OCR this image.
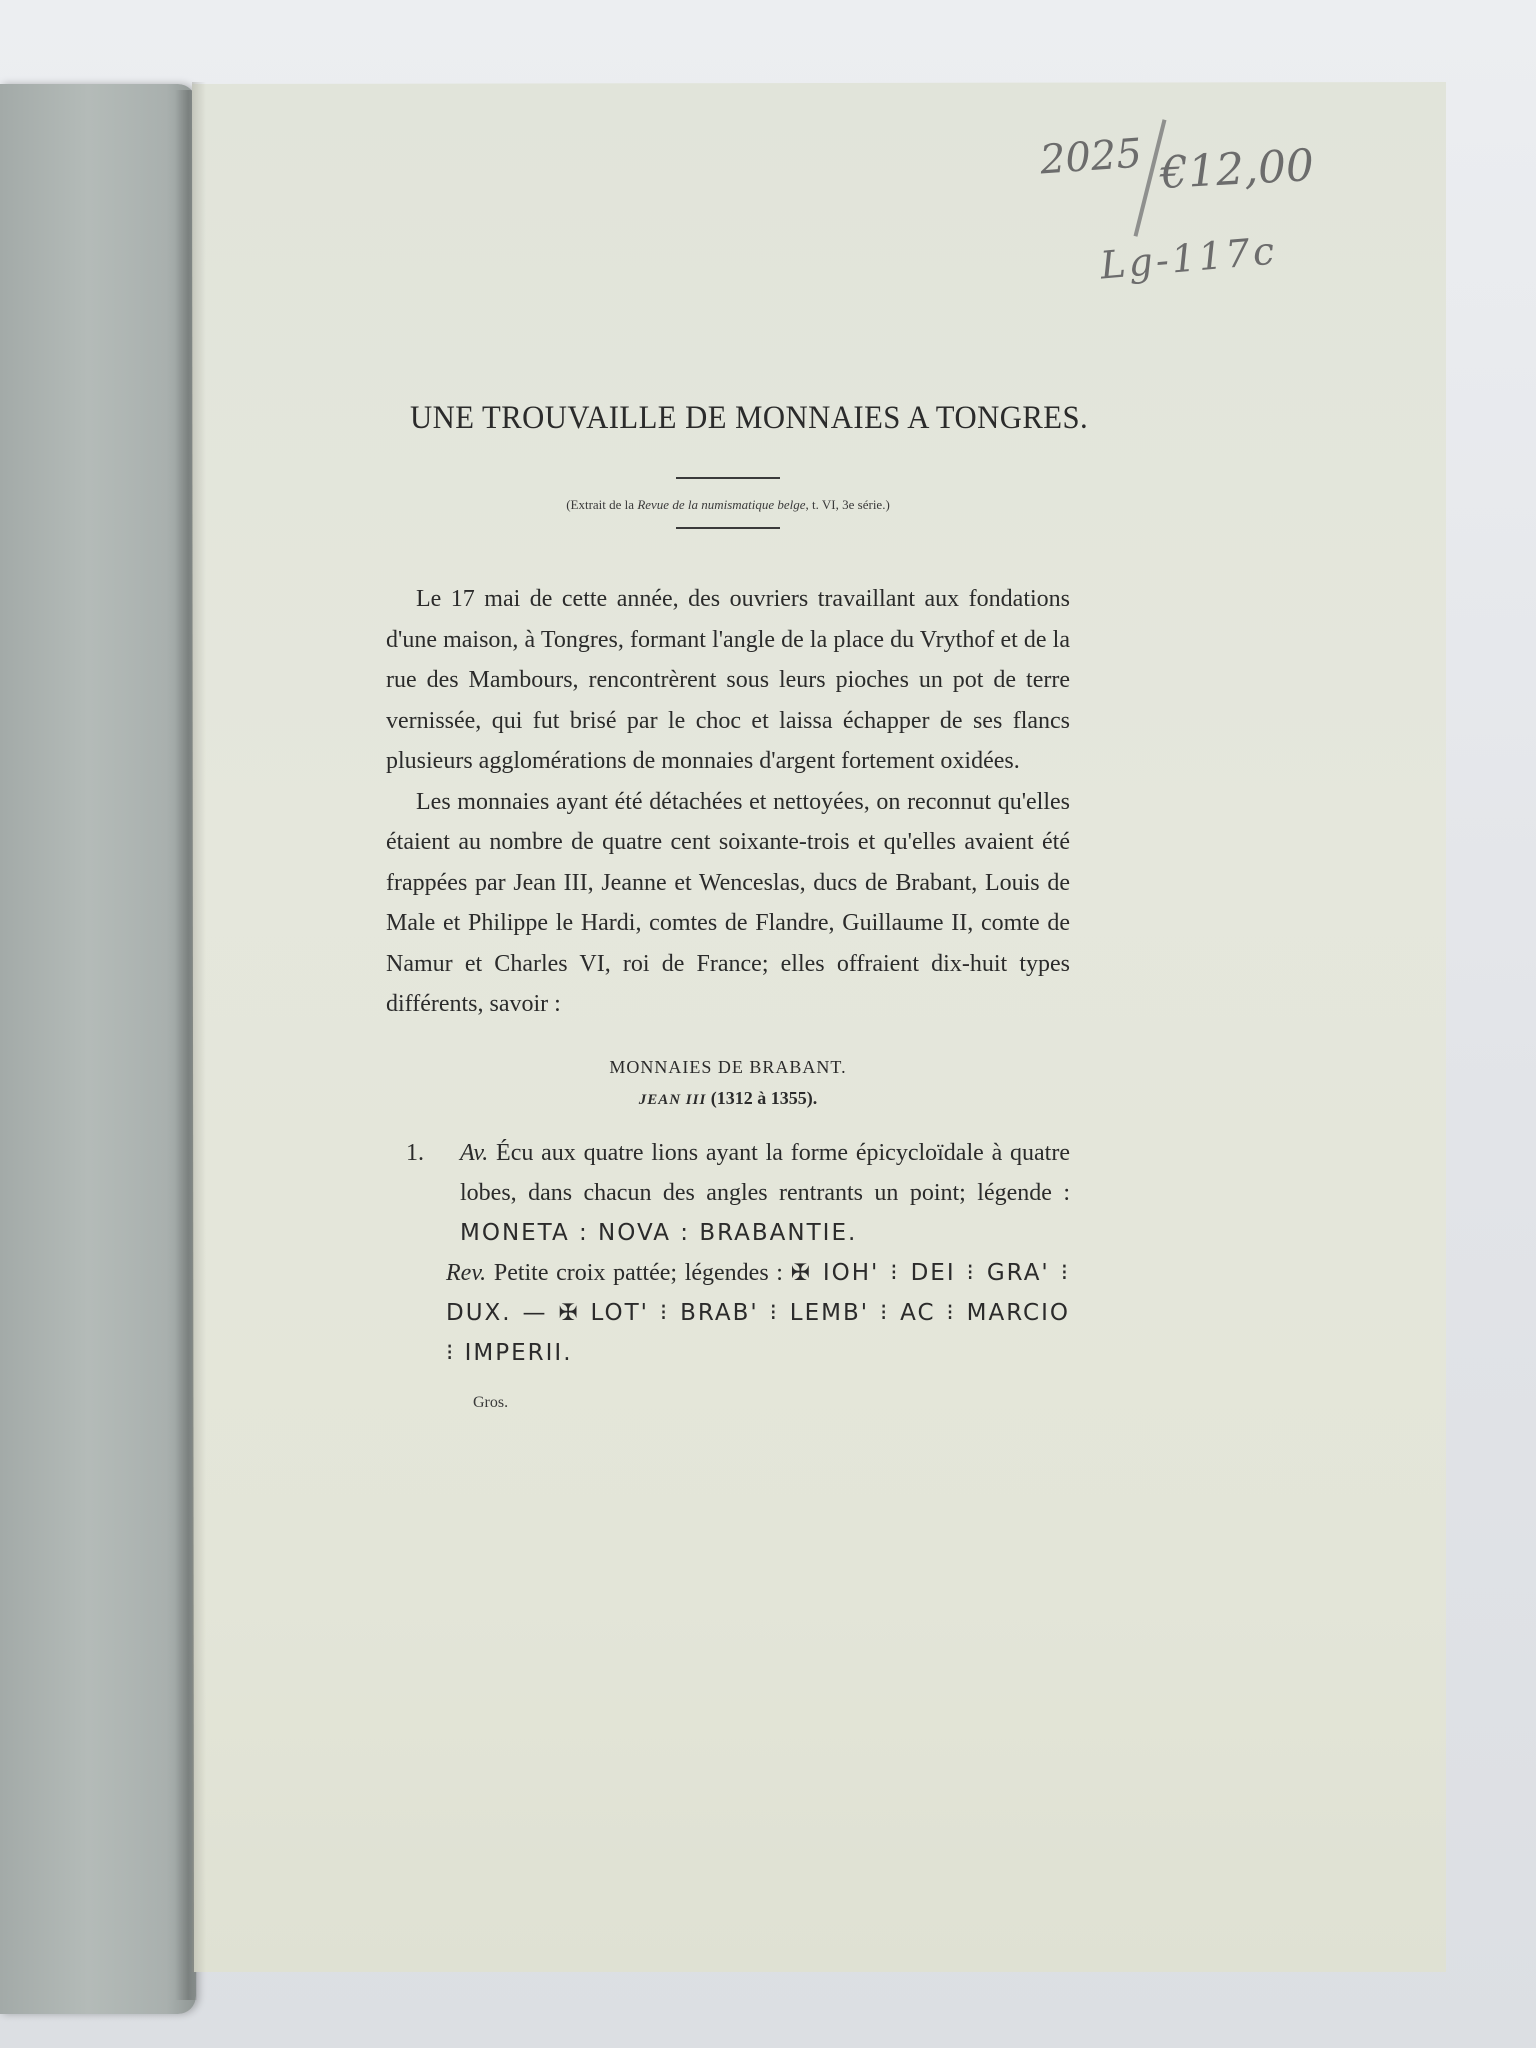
2025 €12,00
Lg-117c
UNE TROUVAILLE DE MONNAIES A TONGRES.
(Extrait de la Revue de la numismatique belge, t. VI, 3e série.)

Le 17 mai de cette année, des ouvriers travaillant aux fondations d'une maison, à Tongres, formant l'angle de la place du Vrythof et de la rue des Mambours, rencontrèrent sous leurs pioches un pot de terre vernissée, qui fut brisé par le choc et laissa échapper de ses flancs plusieurs agglomérations de monnaies d'argent fortement oxidées.

Les monnaies ayant été détachées et nettoyées, on reconnut qu'elles étaient au nombre de quatre cent soixante-trois et qu'elles avaient été frappées par Jean III, Jeanne et Wenceslas, ducs de Brabant, Louis de Male et Philippe le Hardi, comtes de Flandre, Guillaume II, comte de Namur et Charles VI, roi de France; elles offraient dix-huit types différents, savoir :

MONNAIES DE BRABANT.
JEAN III (1312 à 1355).
1. Av. Écu aux quatre lions ayant la forme épicycloïdale à quatre lobes, dans chacun des angles rentrants un point; légende : MONETA : NOVA : BRABANTIE.
Rev. Petite croix pattée; légendes : ✠ IOH' ⁝ DEI ⁝ GRA' ⁝ DUX. — ✠ LOT' ⁝ BRAB' ⁝ LEMB' ⁝ AC ⁝ MARCIO ⁝ IMPERII.
Gros.
